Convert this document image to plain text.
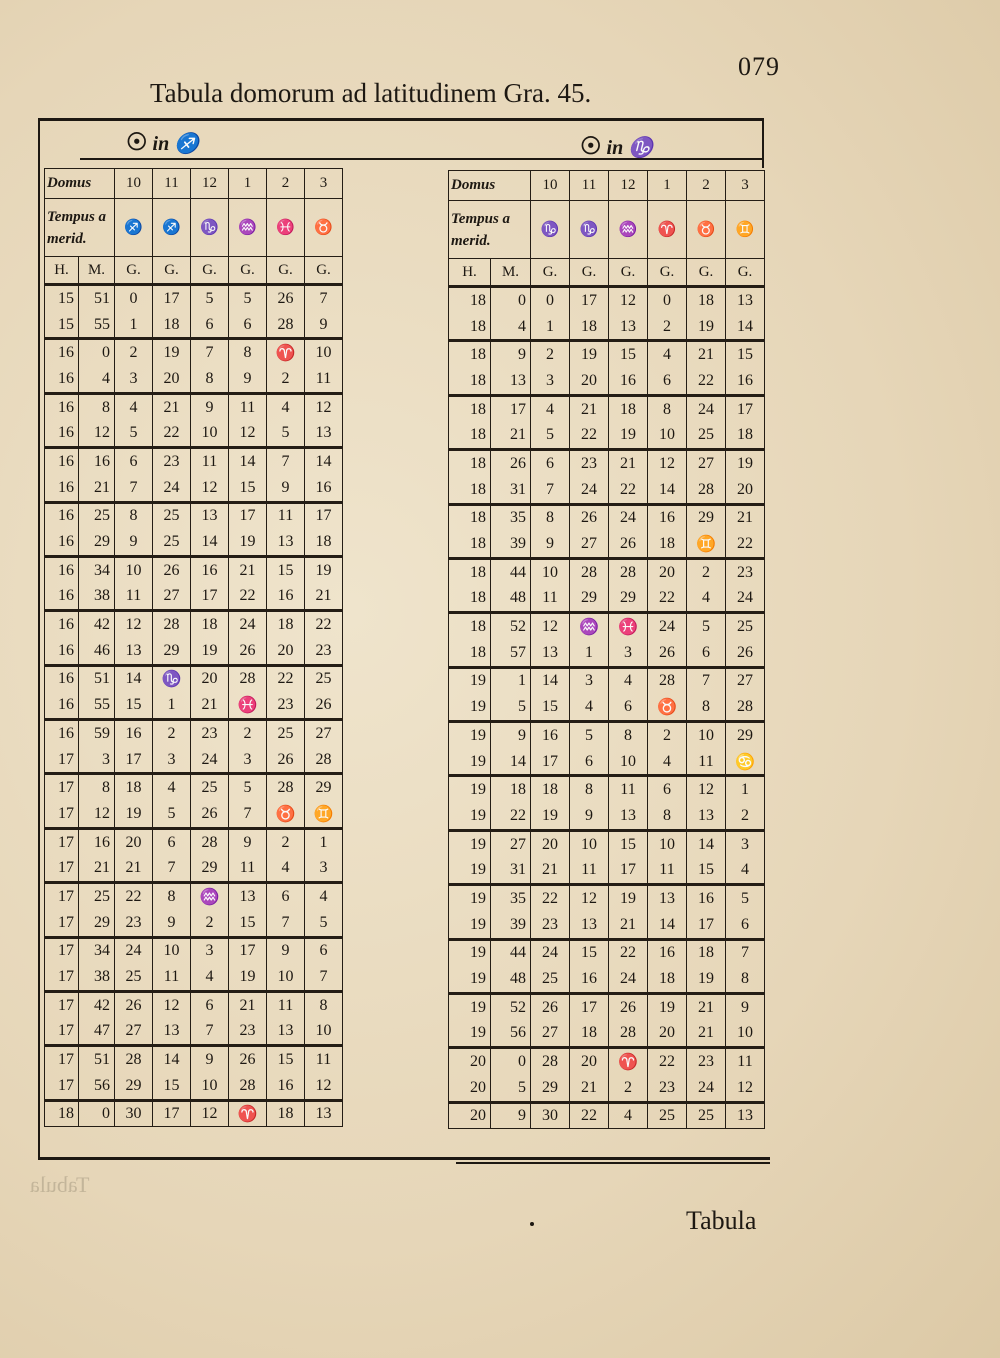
079
Tabula domorum ad latitudinem Gra. 45.
☉ in ♐	☉ in ♑
Domus		10	11	12	1	2	3
Tempus a merid.		♐	♐	♑	♒	♓	♉
H.	M.	G.	G.	G.	G.	G.	G.
15	51	0	17	5	5	26	7
15	55	1	18	6	6	28	9
16	0	2	19	7	8	♈	10
16	4	3	20	8	9	2	11
16	8	4	21	9	11	4	12
16	12	5	22	10	12	5	13
16	16	6	23	11	14	7	14
16	21	7	24	12	15	9	16
16	25	8	25	13	17	11	17
16	29	9	25	14	19	13	18
16	34	10	26	16	21	15	19
16	38	11	27	17	22	16	21
16	42	12	28	18	24	18	22
16	46	13	29	19	26	20	23
16	51	14	♑	20	28	22	25
16	55	15	1	21	♓	23	26
16	59	16	2	23	2	25	27
17	3	17	3	24	3	26	28
17	8	18	4	25	5	28	29
17	12	19	5	26	7	♉	♊
17	16	20	6	28	9	2	1
17	21	21	7	29	11	4	3
17	25	22	8	♒	13	6	4
17	29	23	9	2	15	7	5
17	34	24	10	3	17	9	6
17	38	25	11	4	19	10	7
17	42	26	12	6	21	11	8
17	47	27	13	7	23	13	10
17	51	28	14	9	26	15	11
17	56	29	15	10	28	16	12
18	0	30	17	12	♈	18	13
Domus		10	11	12	1	2	3
Tempus a merid.		♑	♑	♒	♈	♉	♊
H.	M.	G.	G.	G.	G.	G.	G.
18	0	0	17	12	0	18	13
18	4	1	18	13	2	19	14
18	9	2	19	15	4	21	15
18	13	3	20	16	6	22	16
18	17	4	21	18	8	24	17
18	21	5	22	19	10	25	18
18	26	6	23	21	12	27	19
18	31	7	24	22	14	28	20
18	35	8	26	24	16	29	21
18	39	9	27	26	18	♊	22
18	44	10	28	28	20	2	23
18	48	11	29	29	22	4	24
18	52	12	♒	♓	24	5	25
18	57	13	1	3	26	6	26
19	1	14	3	4	28	7	27
19	5	15	4	6	♉	8	28
19	9	16	5	8	2	10	29
19	14	17	6	10	4	11	♋
19	18	18	8	11	6	12	1
19	22	19	9	13	8	13	2
19	27	20	10	15	10	14	3
19	31	21	11	17	11	15	4
19	35	22	12	19	13	16	5
19	39	23	13	21	14	17	6
19	44	24	15	22	16	18	7
19	48	25	16	24	18	19	8
19	52	26	17	26	19	21	9
19	56	27	18	28	20	21	10
20	0	28	20	♈	22	23	11
20	5	29	21	2	23	24	12
20	9	30	22	4	25	25	13
Tabula
Tabula
